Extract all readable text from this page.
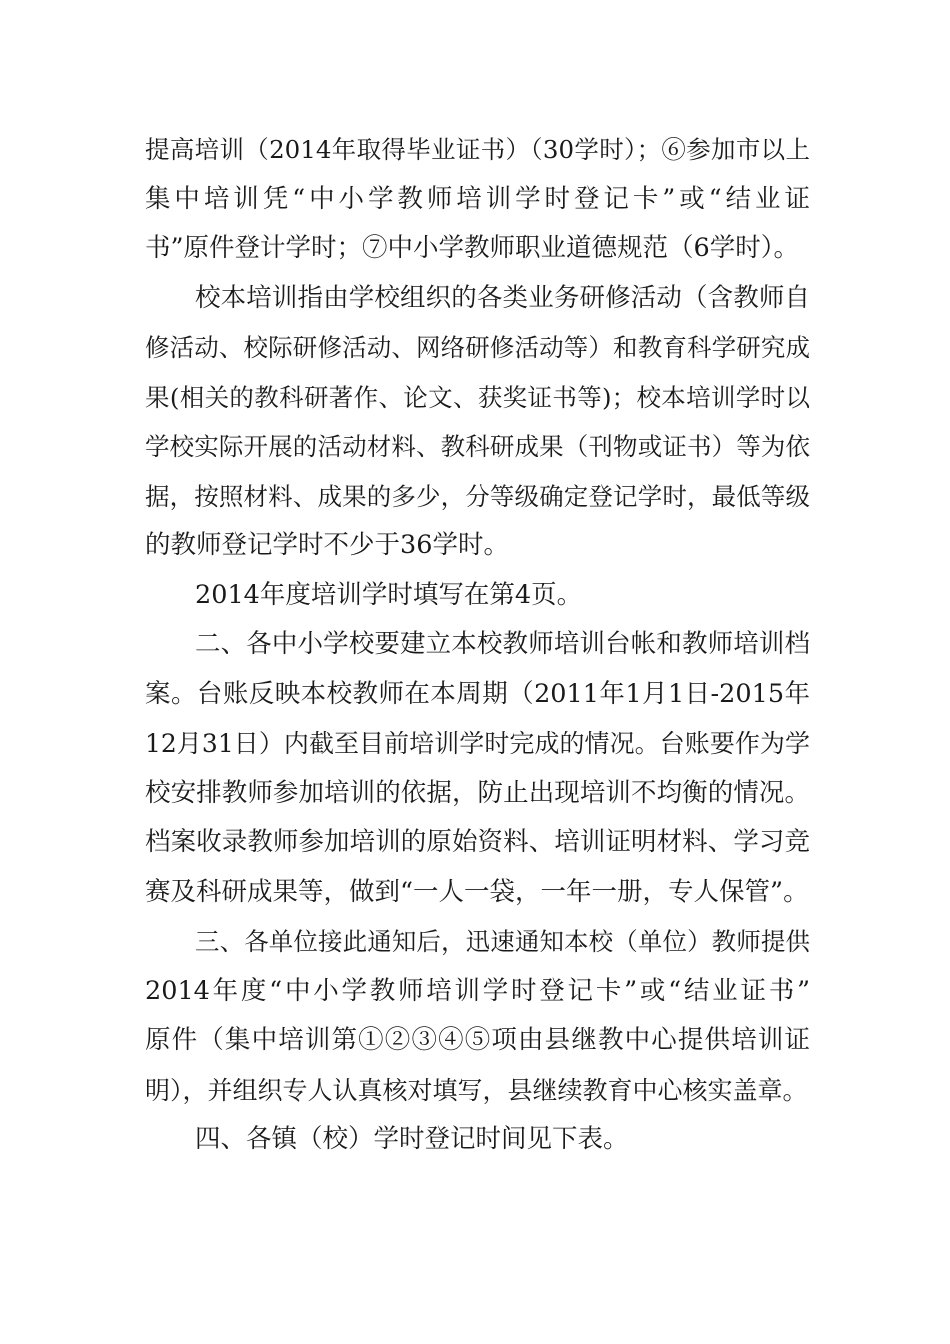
提高培训（2014年取得毕业证书）（30学时）；⑥参加市以上
集中培训凭“中小学教师培训学时登记卡”或“结业证
书”原件登计学时；⑦中小学教师职业道德规范（6学时）。
校本培训指由学校组织的各类业务研修活动（含教师自
修活动、校际研修活动、网络研修活动等）和教育科学研究成
果(相关的教科研著作、论文、获奖证书等)；校本培训学时以
学校实际开展的活动材料、教科研成果（刊物或证书）等为依
据，按照材料、成果的多少，分等级确定登记学时，最低等级
的教师登记学时不少于36学时。
2014年度培训学时填写在第4页。
二、各中小学校要建立本校教师培训台帐和教师培训档
案。台账反映本校教师在本周期（2011年1月1日-2015年
12月31日）内截至目前培训学时完成的情况。台账要作为学
校安排教师参加培训的依据，防止出现培训不均衡的情况。
档案收录教师参加培训的原始资料、培训证明材料、学习竞
赛及科研成果等，做到“一人一袋，一年一册，专人保管”。
三、各单位接此通知后，迅速通知本校（单位）教师提供
2014年度“中小学教师培训学时登记卡”或“结业证书”
原件（集中培训第①②③④⑤项由县继教中心提供培训证
明），并组织专人认真核对填写，县继续教育中心核实盖章。
四、各镇（校）学时登记时间见下表。
